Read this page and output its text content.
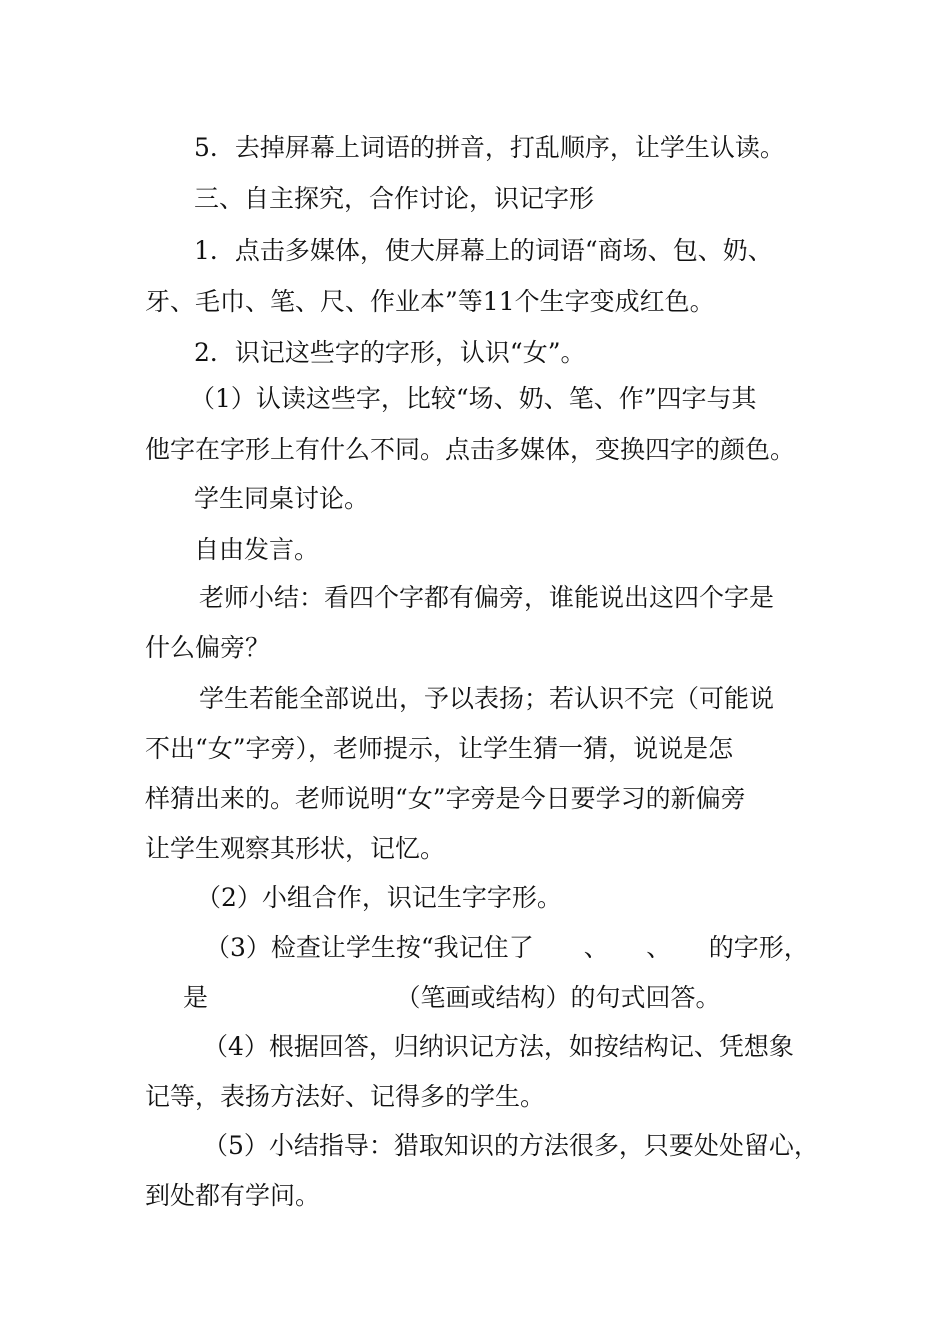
5．去掉屏幕上词语的拼音，打乱顺序，让学生认读。
三、自主探究，合作讨论，识记字形
1．点击多媒体，使大屏幕上的词语“商场、包、奶、
牙、毛巾、笔、尺、作业本”等11个生字变成红色。
2．识记这些字的字形，认识“女”。
（1）认读这些字，比较“场、奶、笔、作”四字与其
他字在字形上有什么不同。点击多媒体，变换四字的颜色。
学生同桌讨论。
自由发言。
老师小结：看四个字都有偏旁，谁能说出这四个字是
什么偏旁？
学生若能全部说出，予以表扬；若认识不完（可能说
不出“女”字旁），老师提示，让学生猜一猜，说说是怎
样猜出来的。老师说明“女”字旁是今日要学习的新偏旁
让学生观察其形状，记忆。
（2）小组合作，识记生字字形。
（3）检查让学生按“我记住了　　、　　、　　的字形，
是　　　　　　　　（笔画或结构）的句式回答。
（4）根据回答，归纳识记方法，如按结构记、凭想象
记等，表扬方法好、记得多的学生。
（5）小结指导：猎取知识的方法很多，只要处处留心，
到处都有学问。
